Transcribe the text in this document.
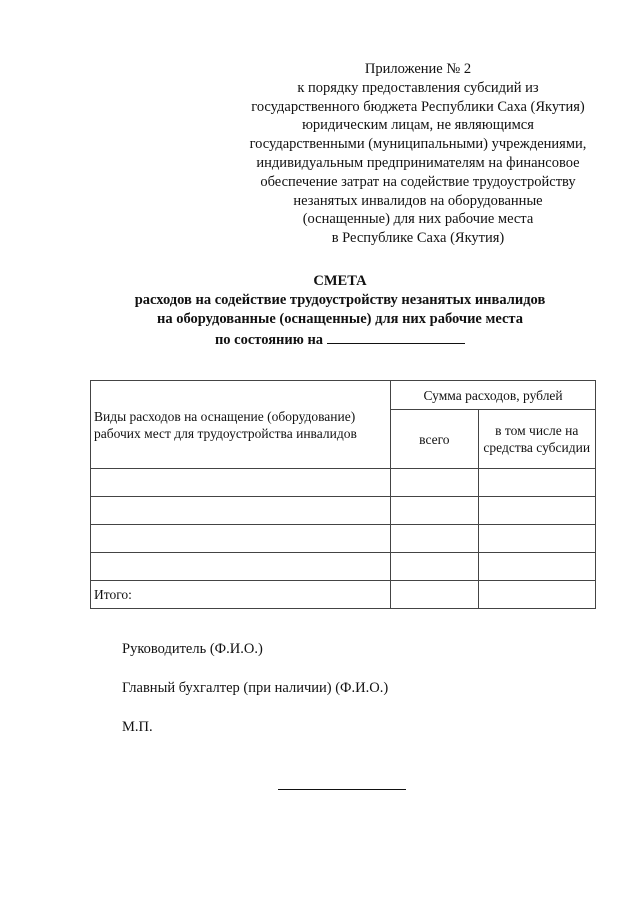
Приложение № 2
к порядку предоставления субсидий из
государственного бюджета Республики Саха (Якутия)
юридическим лицам, не являющимся
государственными (муниципальными) учреждениями,
индивидуальным предпринимателям на финансовое
обеспечение затрат на содействие трудоустройству
незанятых инвалидов на оборудованные
(оснащенные) для них рабочие места
в Республике Саха (Якутия)
СМЕТА
расходов на содействие трудоустройству незанятых инвалидов
на оборудованные (оснащенные) для них рабочие места
по состоянию на
Виды расходов на оснащение (оборудование) рабочих мест для трудоустройства инвалидов	Сумма расходов, рублей	
	всего	в том числе на средства субсидии

Итого:		
Руководитель (Ф.И.О.)
Главный бухгалтер (при наличии) (Ф.И.О.)
М.П.
